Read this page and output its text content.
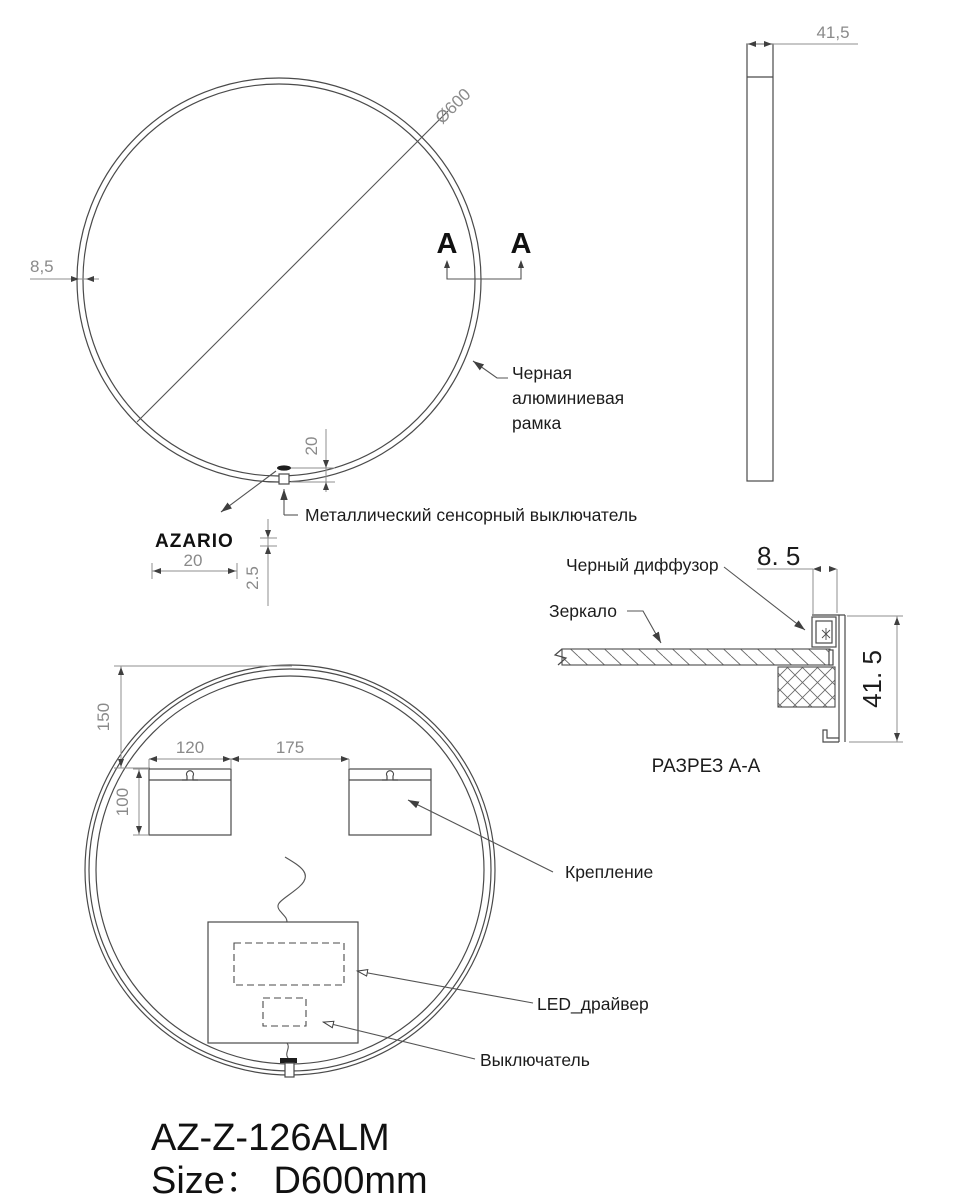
Ø600
8,5
А А
Черная
алюминиевая
рамка
Металлический сенсорный выключатель
20
AZARIO
20
2.5
41,5
8. 5
41. 5
Черный диффузор
Зеркало
РАЗРЕЗ А-А
150
120	175
100
Крепление
LED_драйвер
Выключатель
AZ-Z-126ALM
Size： D600mm
